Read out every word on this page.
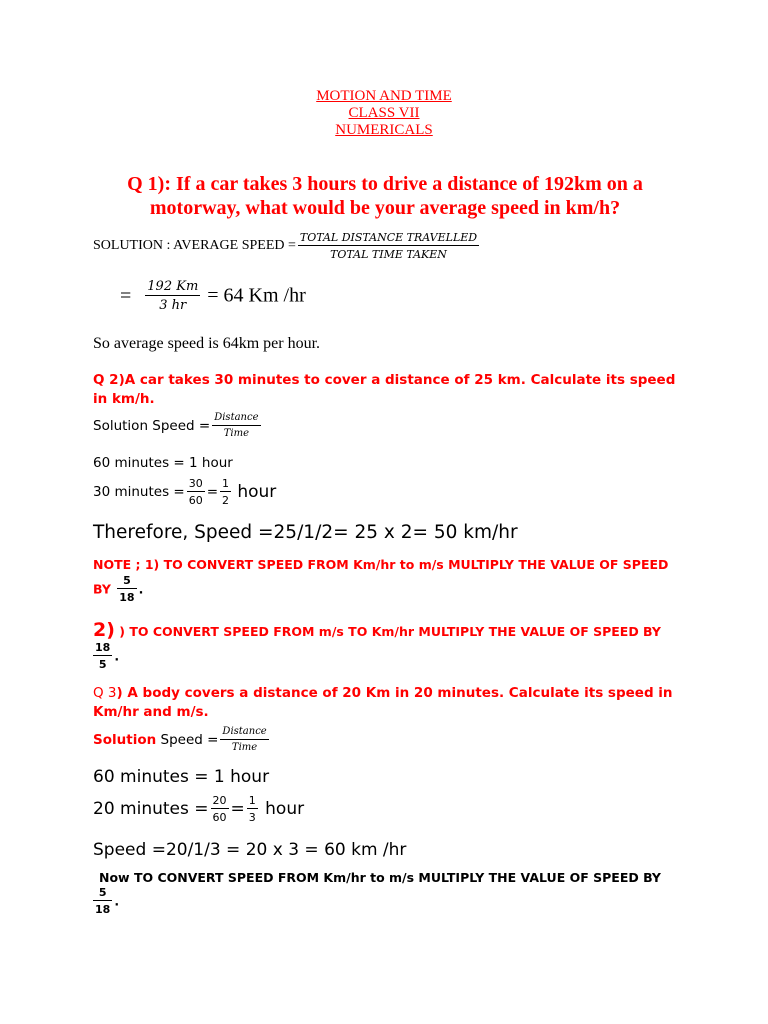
MOTION AND TIME
CLASS VII
NUMERICALS
Q 1): If a car takes 3 hours to drive a distance of 192km on a motorway, what would be your average speed in km/h?
SOLUTION : AVERAGE SPEED = $\frac{\text{TOTAL DISTANCE TRAVELLED}}{\text{TOTAL TIME TAKEN}}$
= $\frac{192 Km}{3 hr} = 64$ Km /hr
So average speed is 64km per hour.
Q 2)A car takes 30 minutes to cover a distance of 25 km. Calculate its speed in km/h.
Solution Speed = $\frac{\text{Distance}}{\text{Time}}$
60 minutes = 1 hour
30 minutes = $\frac{30}{60} = \frac{1}{2}$ hour
Therefore, Speed =25/1/2= 25 x 2= 50 km/hr
NOTE ; 1) TO CONVERT SPEED FROM Km/hr to m/s MULTIPLY THE VALUE OF SPEED
BY $\frac{5}{18}$ .
2) ) TO CONVERT SPEED FROM m/s TO Km/hr MULTIPLY THE VALUE OF SPEED BY
$\frac{18}{5}$ .
Q 3) A body covers a distance of 20 Km in 20 minutes. Calculate its speed in Km/hr and m/s.
Solution Speed = $\frac{\text{Distance}}{\text{Time}}$
60 minutes = 1 hour
20 minutes = $\frac{20}{60} = \frac{1}{3}$ hour
Speed =20/1/3 = 20 x 3 = 60 km /hr
Now TO CONVERT SPEED FROM Km/hr to m/s MULTIPLY THE VALUE OF SPEED BY
$\frac{5}{18}$ .
